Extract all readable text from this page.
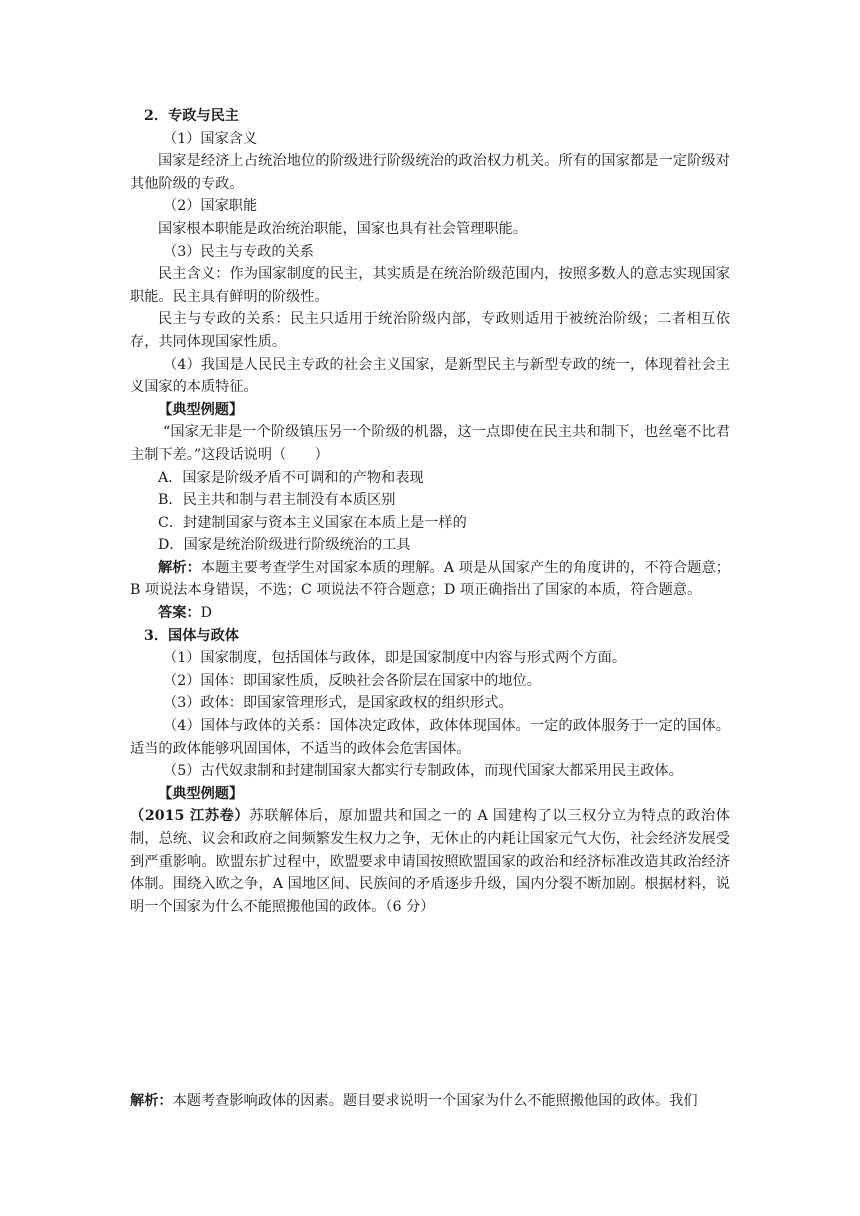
2．专政与民主

（1）国家含义

国家是经济上占统治地位的阶级进行阶级统治的政治权力机关。所有的国家都是一定阶级对其他阶级的专政。

（2）国家职能

国家根本职能是政治统治职能，国家也具有社会管理职能。

（3）民主与专政的关系

民主含义：作为国家制度的民主，其实质是在统治阶级范围内，按照多数人的意志实现国家职能。民主具有鲜明的阶级性。

民主与专政的关系：民主只适用于统治阶级内部，专政则适用于被统治阶级；二者相互依存，共同体现国家性质。

（4）我国是人民民主专政的社会主义国家，是新型民主与新型专政的统一，体现着社会主义国家的本质特征。

【典型例题】

“国家无非是一个阶级镇压另一个阶级的机器，这一点即使在民主共和制下，也丝毫不比君主制下差。”这段话说明（　　）

A．国家是阶级矛盾不可调和的产物和表现

B．民主共和制与君主制没有本质区别

C．封建制国家与资本主义国家在本质上是一样的

D．国家是统治阶级进行阶级统治的工具

解析：本题主要考查学生对国家本质的理解。A 项是从国家产生的角度讲的，不符合题意；B 项说法本身错误，不选；C 项说法不符合题意；D 项正确指出了国家的本质，符合题意。

答案：D

3．国体与政体

（1）国家制度，包括国体与政体，即是国家制度中内容与形式两个方面。

（2）国体：即国家性质，反映社会各阶层在国家中的地位。

（3）政体：即国家管理形式，是国家政权的组织形式。

（4）国体与政体的关系：国体决定政体，政体体现国体。一定的政体服务于一定的国体。适当的政体能够巩固国体，不适当的政体会危害国体。

（5）古代奴隶制和封建制国家大都实行专制政体，而现代国家大都采用民主政体。

【典型例题】

（2015 江苏卷）苏联解体后，原加盟共和国之一的 A 国建构了以三权分立为特点的政治体制，总统、议会和政府之间频繁发生权力之争，无休止的内耗让国家元气大伤，社会经济发展受到严重影响。欧盟东扩过程中，欧盟要求申请国按照欧盟国家的政治和经济标准改造其政治经济体制。围绕入欧之争，A 国地区间、民族间的矛盾逐步升级，国内分裂不断加剧。根据材料，说明一个国家为什么不能照搬他国的政体。（6 分）

解析：本题考查影响政体的因素。题目要求说明一个国家为什么不能照搬他国的政体。我们
